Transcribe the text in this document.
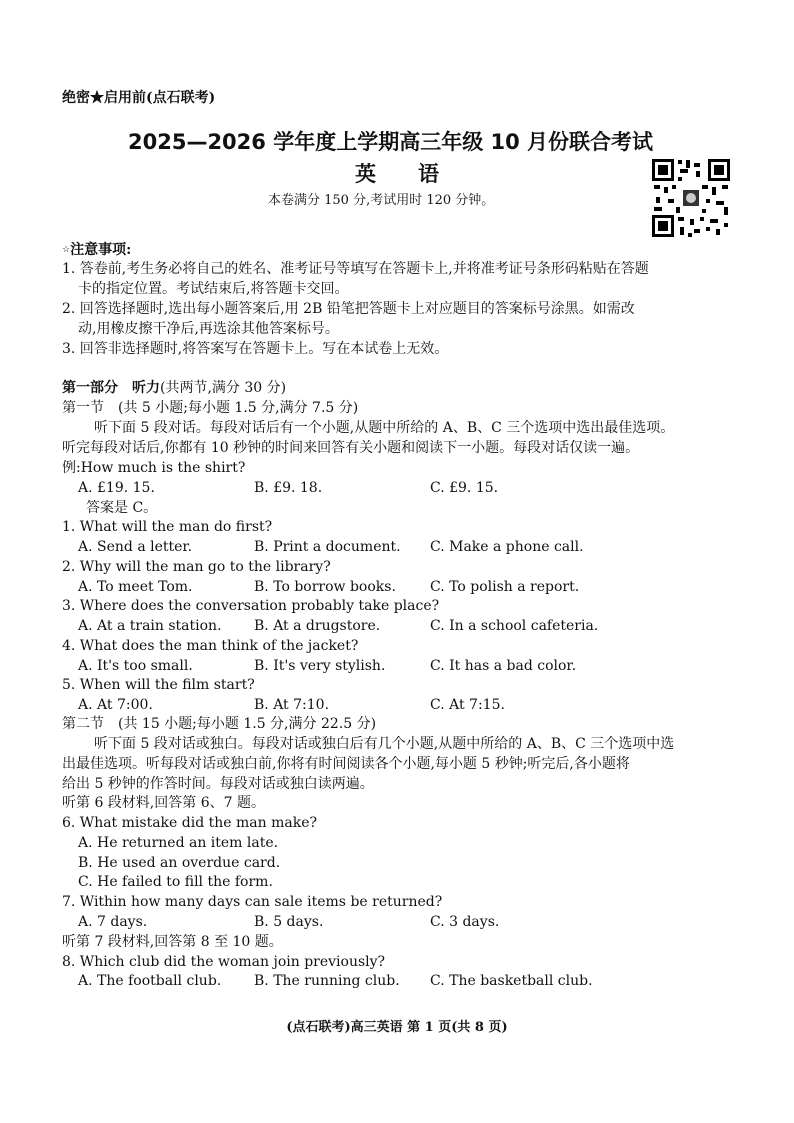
绝密★启用前(点石联考)
2025—2026 学年度上学期高三年级 10 月份联合考试
英　　语
本卷满分 150 分,考试用时 120 分钟。
☆注意事项:
1. 答卷前,考生务必将自己的姓名、准考证号等填写在答题卡上,并将准考证号条形码粘贴在答题
卡的指定位置。考试结束后,将答题卡交回。
2. 回答选择题时,选出每小题答案后,用 2B 铅笔把答题卡上对应题目的答案标号涂黑。如需改
动,用橡皮擦干净后,再选涂其他答案标号。
3. 回答非选择题时,将答案写在答题卡上。写在本试卷上无效。
第一部分　听力(共两节,满分 30 分)
第一节　(共 5 小题;每小题 1.5 分,满分 7.5 分)
听下面 5 段对话。每段对话后有一个小题,从题中所给的 A、B、C 三个选项中选出最佳选项。
听完每段对话后,你都有 10 秒钟的时间来回答有关小题和阅读下一小题。每段对话仅读一遍。
例:How much is the shirt?
A. £19. 15.	B. £9. 18.	C. £9. 15.
答案是 C。
1. What will the man do first?
A. Send a letter.	B. Print a document. C. Make a phone call.
2. Why will the man go to the library?
A. To meet Tom.	B. To borrow books. C. To polish a report.
3. Where does the conversation probably take place?
A. At a train station. B. At a drugstore.	C. In a school cafeteria.
4. What does the man think of the jacket?
A. It's too small.	B. It's very stylish.	C. It has a bad color.
5. When will the film start?
A. At 7:00.	B. At 7:10.	C. At 7:15.
第二节　(共 15 小题;每小题 1.5 分,满分 22.5 分)
听下面 5 段对话或独白。每段对话或独白后有几个小题,从题中所给的 A、B、C 三个选项中选
出最佳选项。听每段对话或独白前,你将有时间阅读各个小题,每小题 5 秒钟;听完后,各小题将
给出 5 秒钟的作答时间。每段对话或独白读两遍。
听第 6 段材料,回答第 6、7 题。
6. What mistake did the man make?
A. He returned an item late.
B. He used an overdue card.
C. He failed to fill the form.
7. Within how many days can sale items be returned?
A. 7 days.	B. 5 days.	C. 3 days.
听第 7 段材料,回答第 8 至 10 题。
8. Which club did the woman join previously?
A. The football club. B. The running club. C. The basketball club.
(点石联考)高三英语 第 1 页(共 8 页)
